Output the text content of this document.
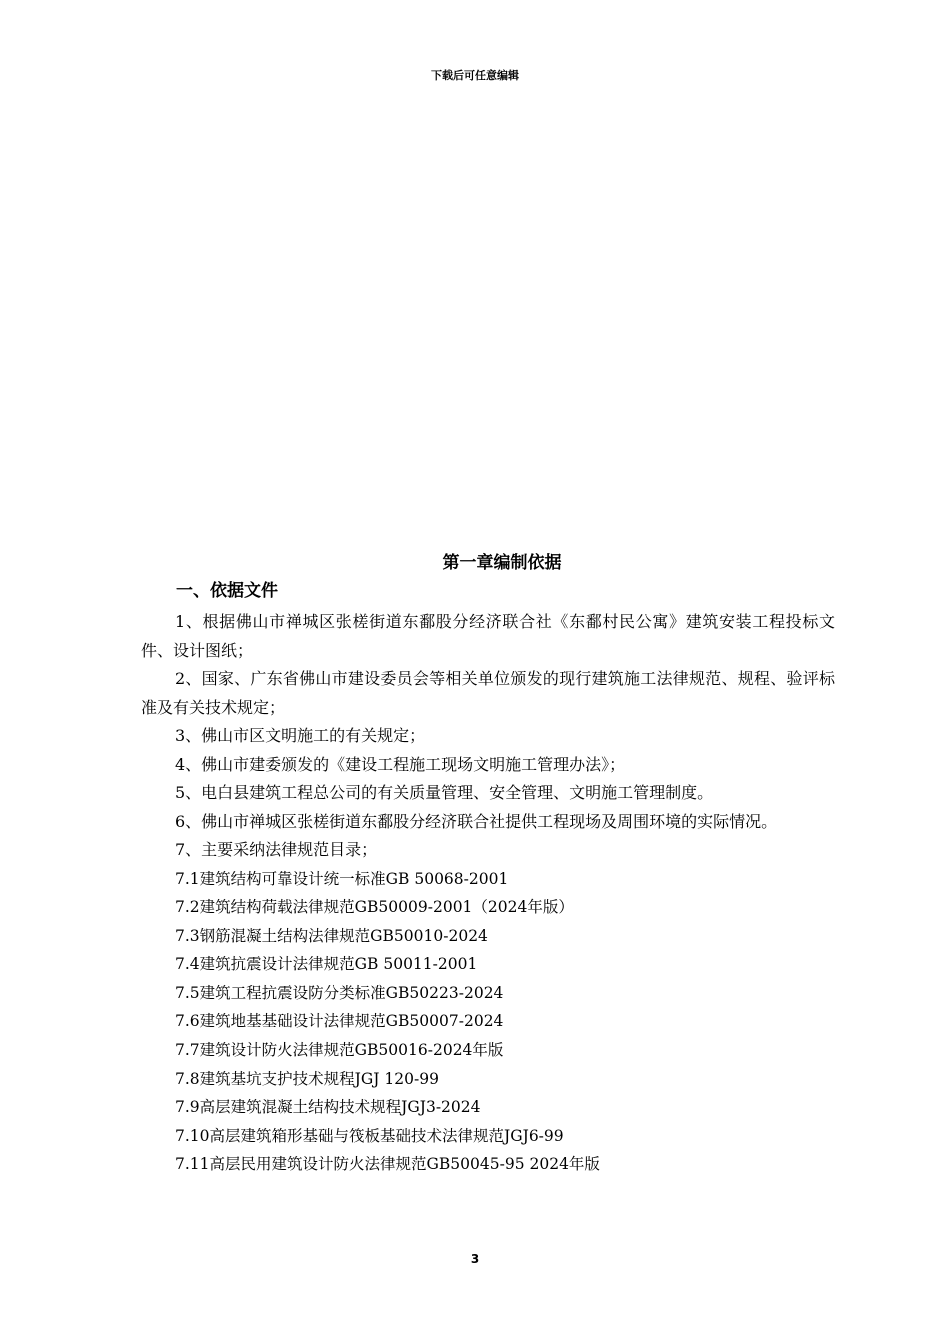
下载后可任意编辑
第一章编制依据
一、依据文件

1、根据佛山市禅城区张槎街道东鄱股分经济联合社《东鄱村民公寓》建筑安装工程投标文件、设计图纸；

2、国家、广东省佛山市建设委员会等相关单位颁发的现行建筑施工法律规范、规程、验评标准及有关技术规定；

3、佛山市区文明施工的有关规定；

4、佛山市建委颁发的《建设工程施工现场文明施工管理办法》；

5、电白县建筑工程总公司的有关质量管理、安全管理、文明施工管理制度。

6、佛山市禅城区张槎街道东鄱股分经济联合社提供工程现场及周围环境的实际情况。

7、主要采纳法律规范目录；

7.1建筑结构可靠设计统一标准GB 50068-2001
7.2建筑结构荷载法律规范GB50009-2001（2024年版）
7.3钢筋混凝土结构法律规范GB50010-2024
7.4建筑抗震设计法律规范GB 50011-2001
7.5建筑工程抗震设防分类标准GB50223-2024
7.6建筑地基基础设计法律规范GB50007-2024
7.7建筑设计防火法律规范GB50016-2024年版
7.8建筑基坑支护技术规程JGJ 120-99
7.9高层建筑混凝土结构技术规程JGJ3-2024
7.10高层建筑箱形基础与筏板基础技术法律规范JGJ6-99
7.11高层民用建筑设计防火法律规范GB50045-95 2024年版
3
